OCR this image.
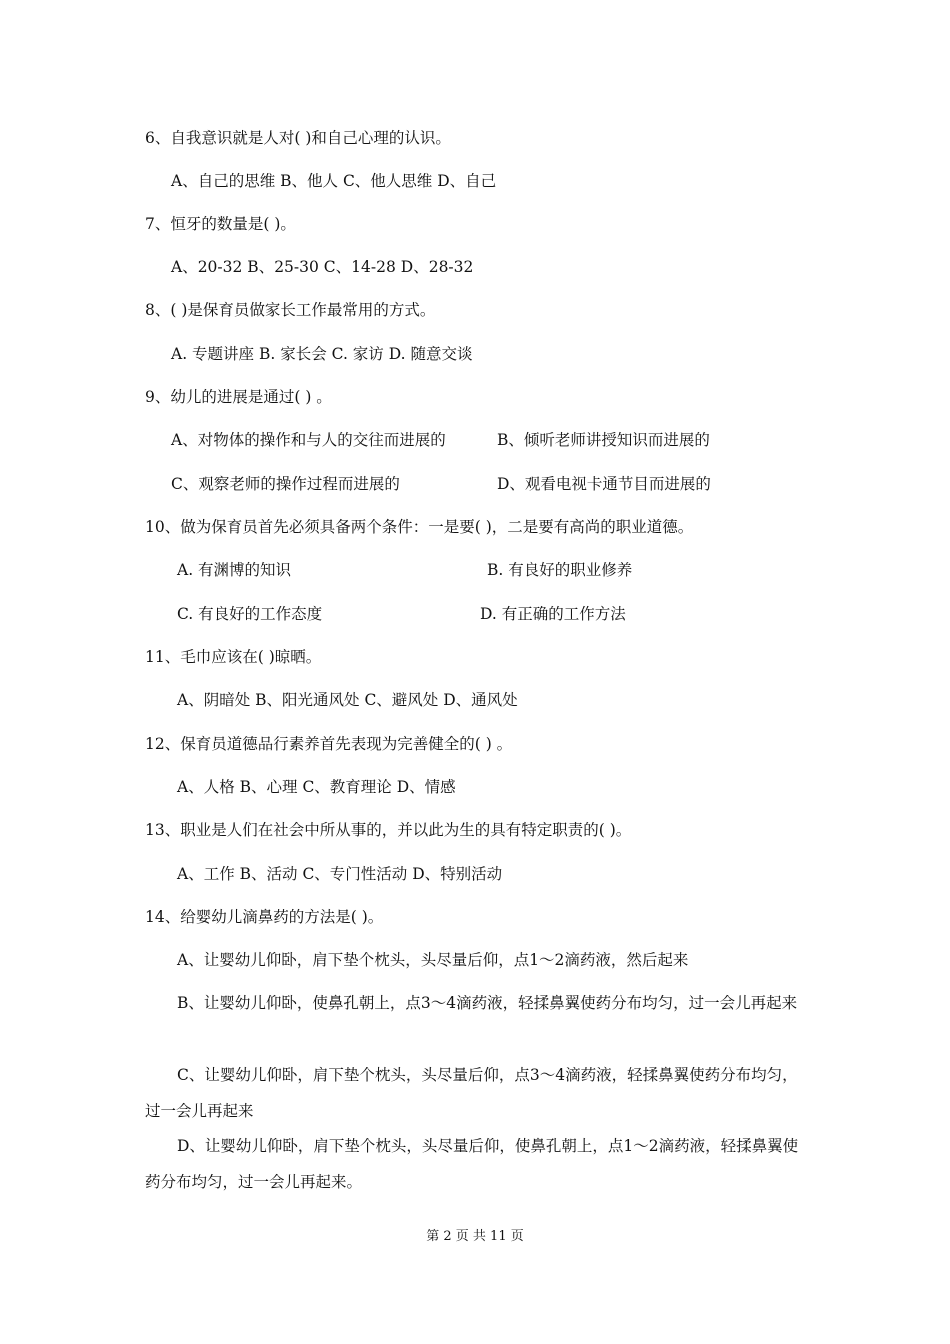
6、自我意识就是人对( )和自己心理的认识。
A、自己的思维 B、他人 C、他人思维 D、自己
7、恒牙的数量是( )。
A、20-32 B、25-30 C、14-28 D、28-32
8、( )是保育员做家长工作最常用的方式。
A. 专题讲座 B. 家长会 C. 家访 D. 随意交谈
9、幼儿的进展是通过( ) 。
A、对物体的操作和与人的交往而进展的	B、倾听老师讲授知识而进展的
C、观察老师的操作过程而进展的	D、观看电视卡通节目而进展的
10、做为保育员首先必须具备两个条件：一是要( )，二是要有高尚的职业道德。
A. 有渊博的知识	B. 有良好的职业修养
C. 有良好的工作态度	D. 有正确的工作方法
11、毛巾应该在( )晾晒。
A、阴暗处 B、阳光通风处 C、避风处 D、通风处
12、保育员道德品行素养首先表现为完善健全的( ) 。
A、人格 B、心理 C、教育理论 D、情感
13、职业是人们在社会中所从事的，并以此为生的具有特定职责的( )。
A、工作 B、活动 C、专门性活动 D、特别活动
14、给婴幼儿滴鼻药的方法是( )。
A、让婴幼儿仰卧，肩下垫个枕头，头尽量后仰，点1～2滴药液，然后起来
B、让婴幼儿仰卧，使鼻孔朝上，点3～4滴药液，轻揉鼻翼使药分布均匀，过一会儿再起来
C、让婴幼儿仰卧，肩下垫个枕头，头尽量后仰，点3～4滴药液，轻揉鼻翼使药分布均匀，过一会儿再起来
D、让婴幼儿仰卧，肩下垫个枕头，头尽量后仰，使鼻孔朝上，点1～2滴药液，轻揉鼻翼使药分布均匀，过一会儿再起来。
第 2 页 共 11 页
